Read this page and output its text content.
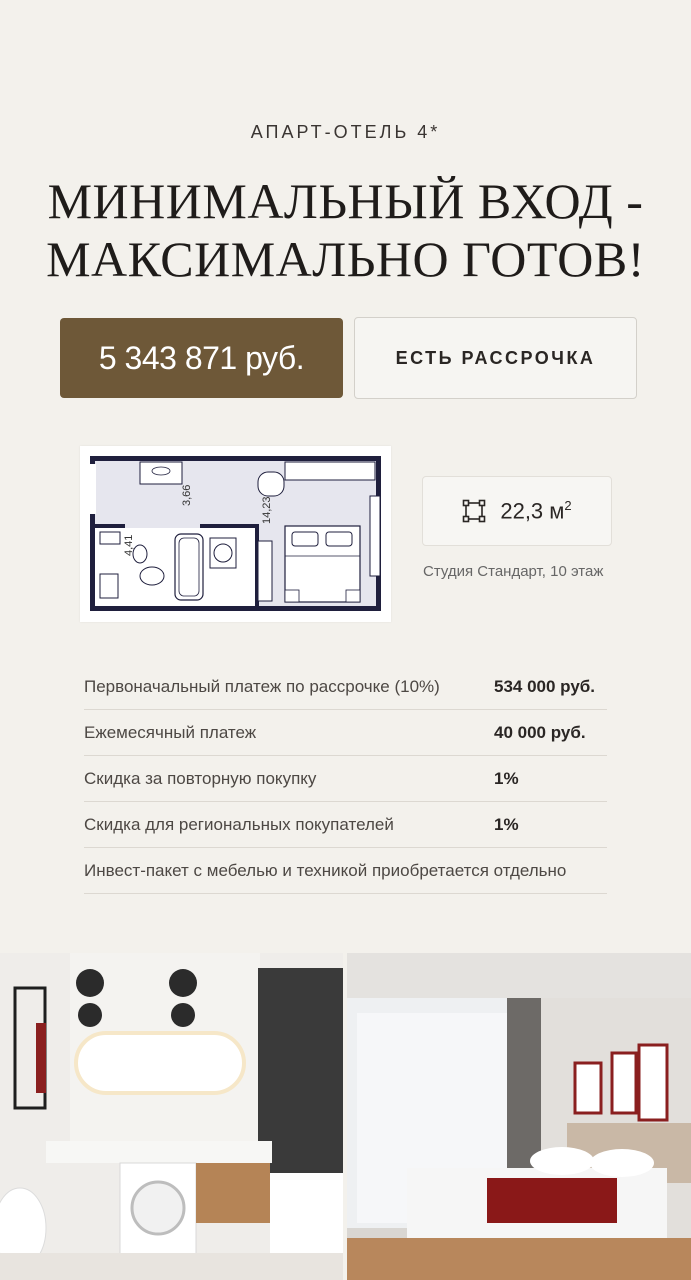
АПАРТ-ОТЕЛЬ 4*
МИНИМАЛЬНЫЙ ВХОД -
МАКСИМАЛЬНО ГОТОВ!
5 343 871 руб.	ЕСТЬ РАССРОЧКА
3,66
4,41
14,23	22,3 $м^2$
Студия Стандарт, 10 этаж
Первоначальный платеж по рассрочке (10%)	534 000 руб.
Ежемесячный платеж	40 000 руб.
Скидка за повторную покупку	1%
Скидка для региональных покупателей	1%
Инвест-пакет с мебелью и техникой приобретается отдельно
